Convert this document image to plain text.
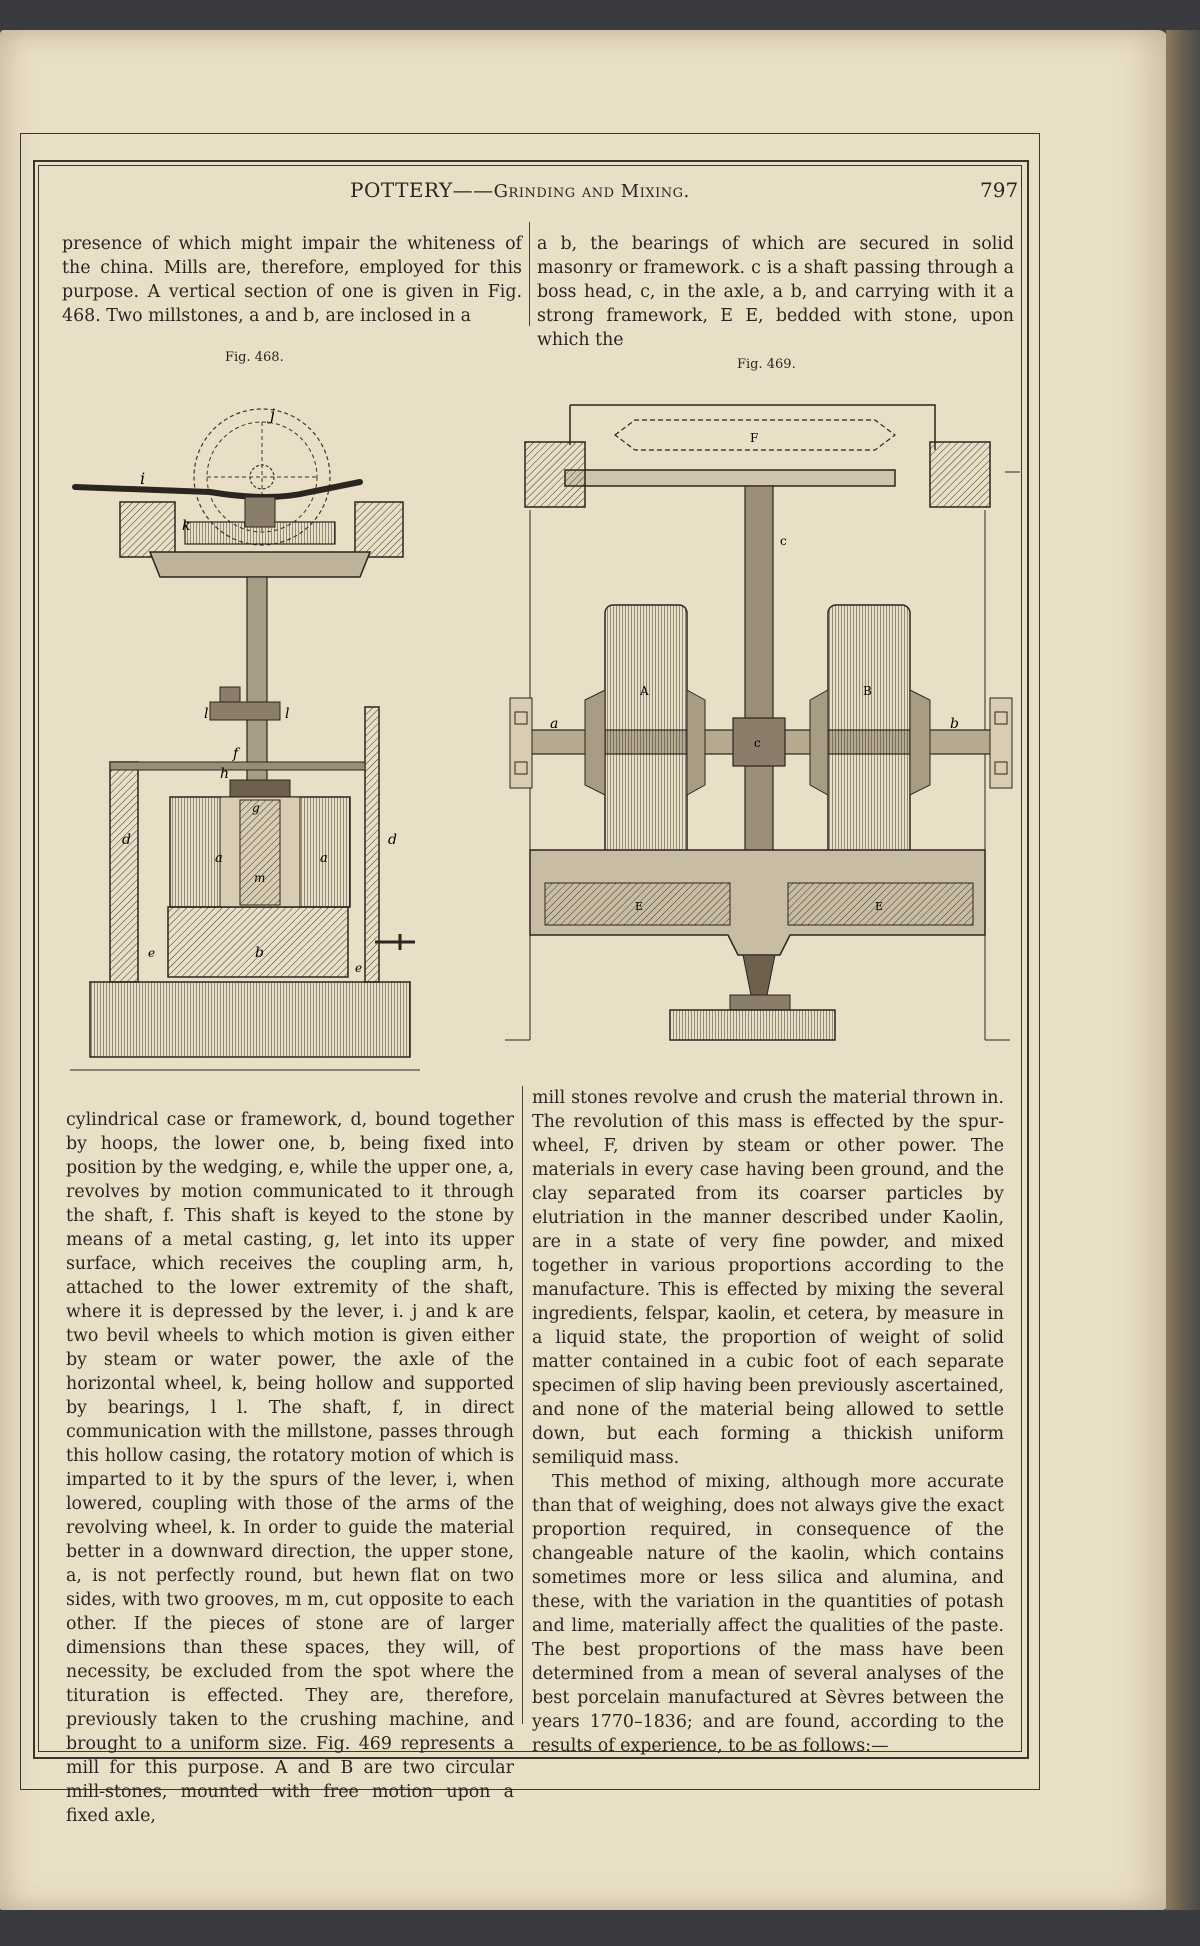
POTTERY——Grinding and Mixing.	797

presence of which might impair the whiteness of the china. Mills are, therefore, employed for this purpose. A vertical section of one is given in Fig. 468. Two millstones, a and b, are inclosed in a

a b, the bearings of which are secured in solid masonry or framework. c is a shaft passing through a boss head, c, in the axle, a b, and carrying with it a strong framework, E E, bedded with stone, upon which the

Fig. 468.	Fig. 469.
j
i
k
l	l
f
h
g
d	d
a	a
m
b
e
e
F
c
a	b
c
A	B
E	E

cylindrical case or framework, d, bound together by hoops, the lower one, b, being fixed into position by the wedging, e, while the upper one, a, revolves by motion communicated to it through the shaft, f. This shaft is keyed to the stone by means of a metal casting, g, let into its upper surface, which receives the coupling arm, h, attached to the lower extremity of the shaft, where it is depressed by the lever, i. j and k are two bevil wheels to which motion is given either by steam or water power, the axle of the horizontal wheel, k, being hollow and supported by bearings, l l. The shaft, f, in direct communication with the millstone, passes through this hollow casing, the rotatory motion of which is imparted to it by the spurs of the lever, i, when lowered, coupling with those of the arms of the revolving wheel, k. In order to guide the material better in a downward direction, the upper stone, a, is not perfectly round, but hewn flat on two sides, with two grooves, m m, cut opposite to each other. If the pieces of stone are of larger dimensions than these spaces, they will, of necessity, be excluded from the spot where the tituration is effected. They are, therefore, previously taken to the crushing machine, and brought to a uniform size. Fig. 469 represents a mill for this purpose. A and B are two circular mill-stones, mounted with free motion upon a fixed axle,

mill stones revolve and crush the material thrown in. The revolution of this mass is effected by the spur-wheel, F, driven by steam or other power. The materials in every case having been ground, and the clay separated from its coarser particles by elutriation in the manner described under Kaolin, are in a state of very fine powder, and mixed together in various proportions according to the manufacture. This is effected by mixing the several ingredients, felspar, kaolin, et cetera, by measure in a liquid state, the proportion of weight of solid matter contained in a cubic foot of each separate specimen of slip having been previously ascertained, and none of the material being allowed to settle down, but each forming a thickish uniform semiliquid mass.

This method of mixing, although more accurate than that of weighing, does not always give the exact proportion required, in consequence of the changeable nature of the kaolin, which contains sometimes more or less silica and alumina, and these, with the variation in the quantities of potash and lime, materially affect the qualities of the paste. The best proportions of the mass have been determined from a mean of several analyses of the best porcelain manufactured at Sèvres between the years 1770–1836; and are found, according to the results of experience, to be as follows:—
